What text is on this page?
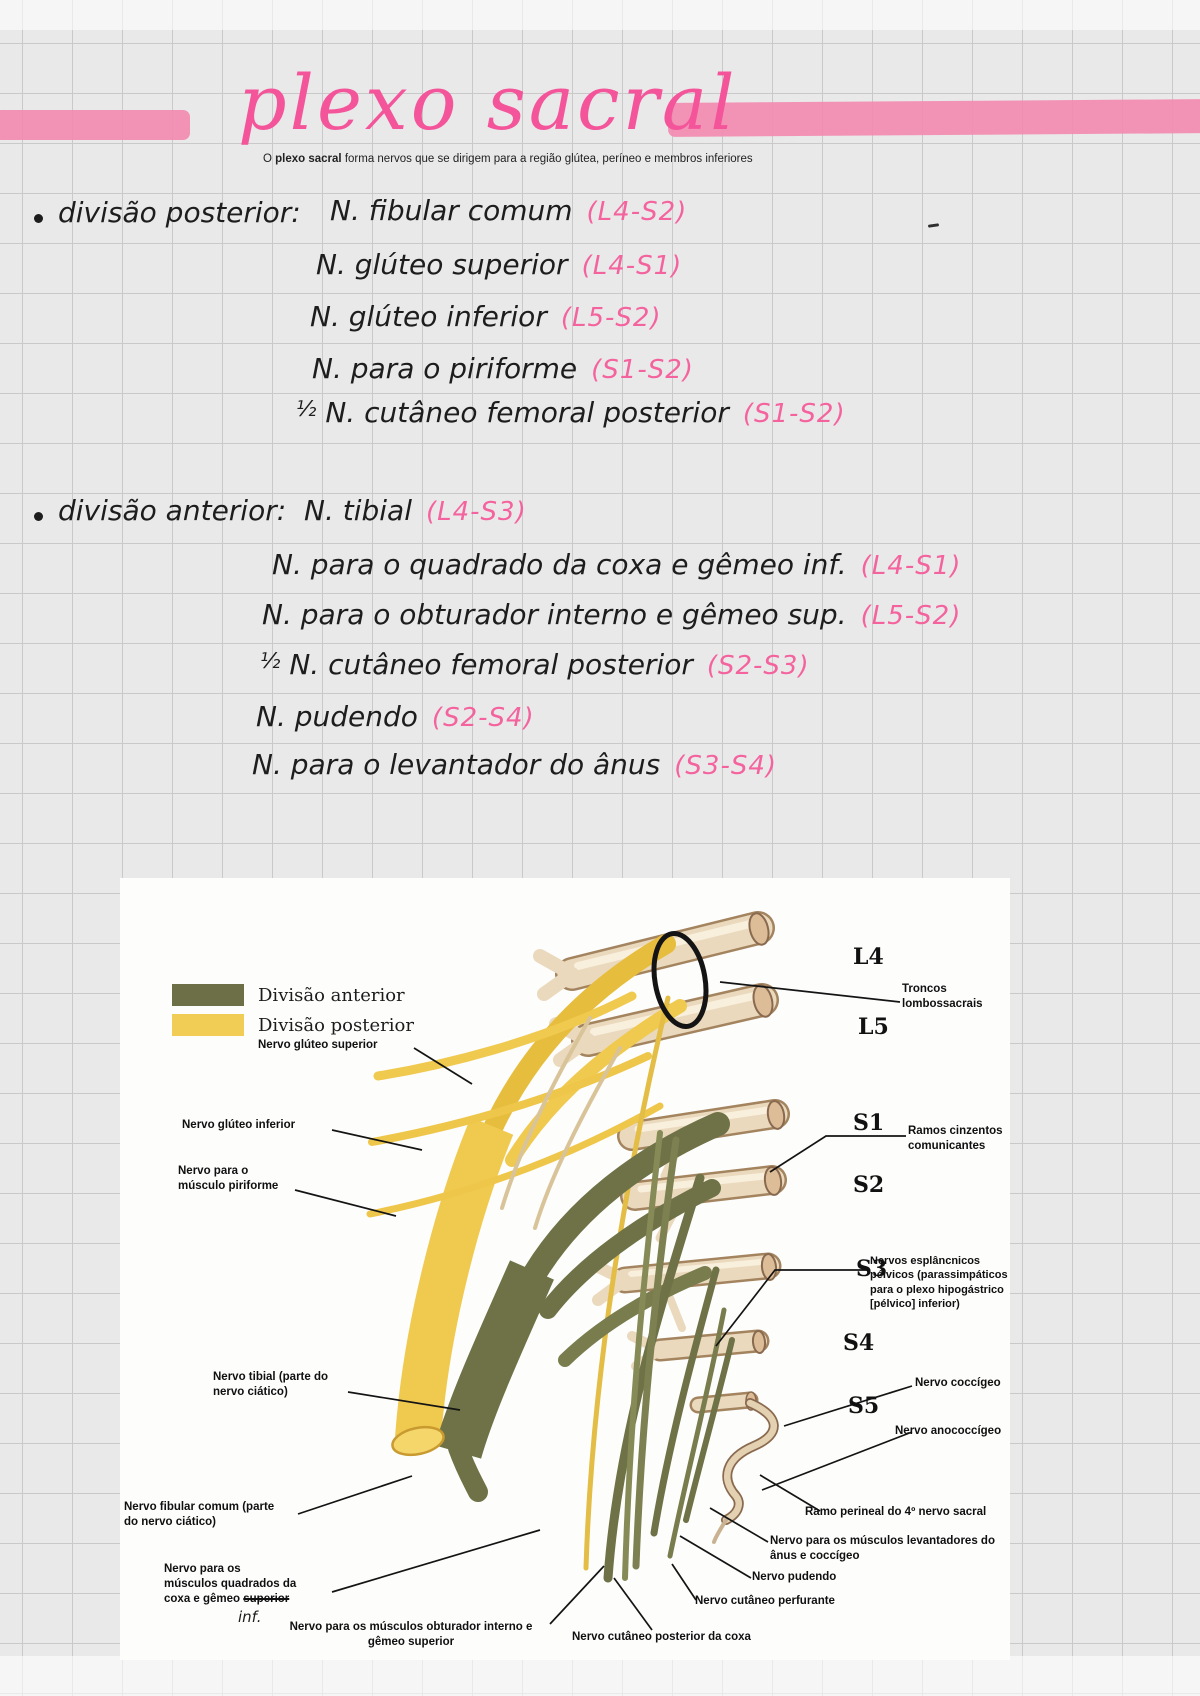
plexo sacral
O plexo sacral forma nervos que se dirigem para a região glútea, períneo e membros inferiores
divisão posterior: N. fibular comum (L4-S2)
N. glúteo superior (L4-S1)
N. glúteo inferior (L5-S2)
N. para o piriforme (S1-S2)
$^{\frac{1}{2}}$ N. cutâneo femoral posterior (S1-S2)
divisão anterior: N. tibial (L4-S3)
N. para o quadrado da coxa e gêmeo inf. (L4-S1)
N. para o obturador interno e gêmeo sup. (L5-S2)
$^{\frac{1}{2}}$ N. cutâneo femoral posterior (S2-S3)
N. pudendo (S2-S4)
N. para o levantador do ânus (S3-S4)
Divisão anterior
Divisão posterior
L4
L5
S1
S2
S3
S4
S5
Nervo glúteo superior
Nervo glúteo inferior
Nervo para o músculo piriforme
Nervo tibial (parte do nervo ciático)
Nervo fibular comum (parte do nervo ciático)
Nervo para os
músculos quadrados da
coxa e gêmeo superior
inf.
Nervo para os músculos obturador interno e gêmeo superior	Nervo cutâneo posterior da coxa
Troncos lombossacrais
Ramos cinzentos comunicantes
Nervos esplâncnicos pélvicos (parassimpáticos para o plexo hipogástrico [pélvico] inferior)
Nervo coccígeo
Nervo anococcígeo
Ramo perineal do 4º nervo sacral
Nervo para os músculos levantadores do ânus e coccígeo
Nervo pudendo
Nervo cutâneo perfurante
